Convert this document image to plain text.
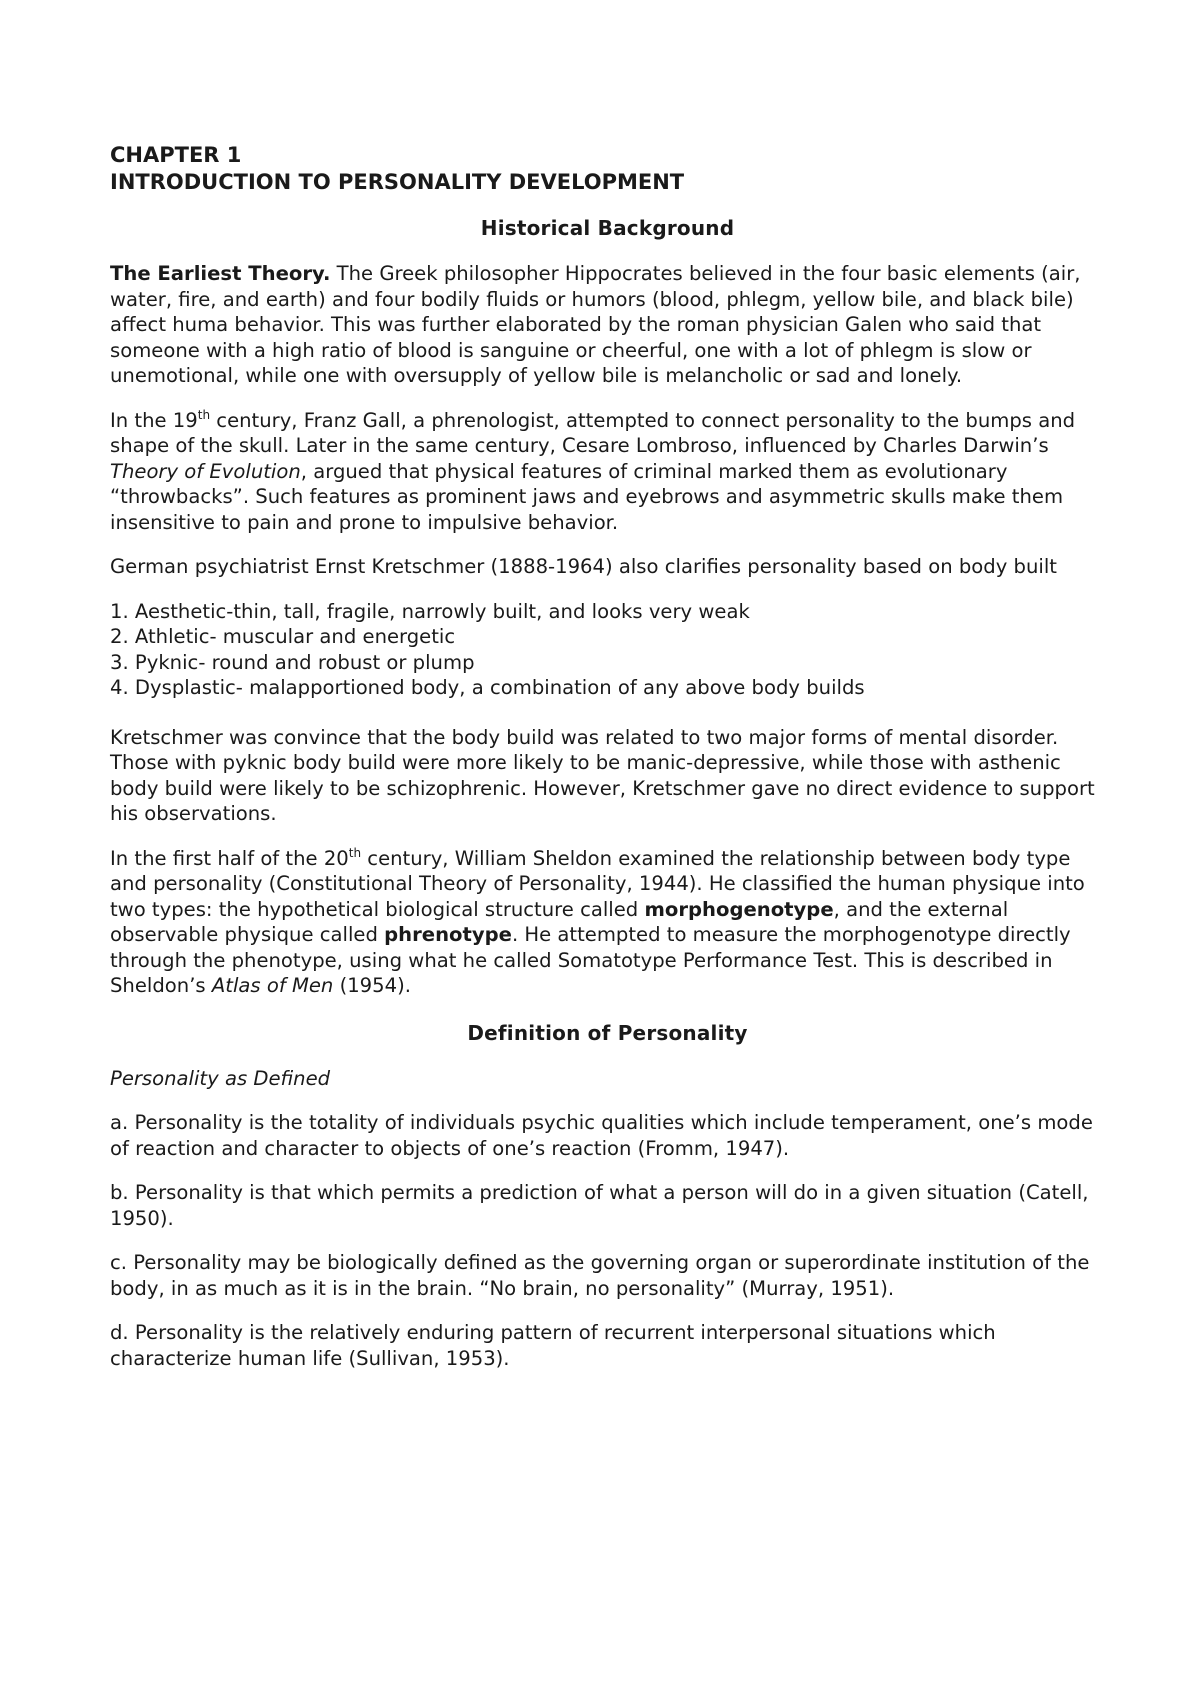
CHAPTER 1
INTRODUCTION TO PERSONALITY DEVELOPMENT
Historical Background

The Earliest Theory. The Greek philosopher Hippocrates believed in the four basic elements (air, water, fire, and earth) and four bodily fluids or humors (blood, phlegm, yellow bile, and black bile) affect huma behavior. This was further elaborated by the roman physician Galen who said that someone with a high ratio of blood is sanguine or cheerful, one with a lot of phlegm is slow or unemotional, while one with oversupply of yellow bile is melancholic or sad and lonely.

In the 19th century, Franz Gall, a phrenologist, attempted to connect personality to the bumps and shape of the skull. Later in the same century, Cesare Lombroso, influenced by Charles Darwin’s Theory of Evolution, argued that physical features of criminal marked them as evolutionary “throwbacks”. Such features as prominent jaws and eyebrows and asymmetric skulls make them insensitive to pain and prone to impulsive behavior.

German psychiatrist Ernst Kretschmer (1888-1964) also clarifies personality based on body built

1. Aesthetic-thin, tall, fragile, narrowly built, and looks very weak
2. Athletic- muscular and energetic
3. Pyknic- round and robust or plump
4. Dysplastic- malapportioned body, a combination of any above body builds

Kretschmer was convince that the body build was related to two major forms of mental disorder. Those with pyknic body build were more likely to be manic-depressive, while those with asthenic body build were likely to be schizophrenic. However, Kretschmer gave no direct evidence to support his observations.

In the first half of the 20th century, William Sheldon examined the relationship between body type and personality (Constitutional Theory of Personality, 1944). He classified the human physique into two types: the hypothetical biological structure called morphogenotype, and the external observable physique called phrenotype. He attempted to measure the morphogenotype directly through the phenotype, using what he called Somatotype Performance Test. This is described in Sheldon’s Atlas of Men (1954).

Definition of Personality
Personality as Defined

a. Personality is the totality of individuals psychic qualities which include temperament, one’s mode of reaction and character to objects of one’s reaction (Fromm, 1947).

b. Personality is that which permits a prediction of what a person will do in a given situation (Catell, 1950).

c. Personality may be biologically defined as the governing organ or superordinate institution of the body, in as much as it is in the brain. “No brain, no personality” (Murray, 1951).

d. Personality is the relatively enduring pattern of recurrent interpersonal situations which characterize human life (Sullivan, 1953).
